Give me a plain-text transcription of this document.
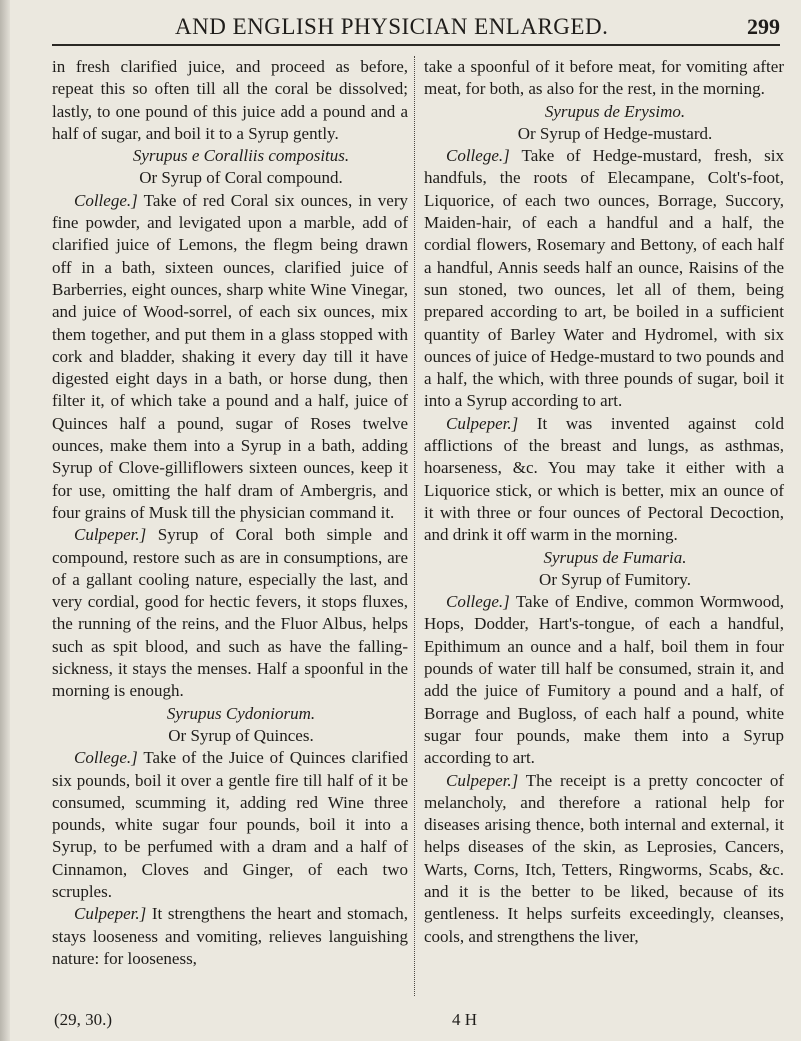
AND ENGLISH PHYSICIAN ENLARGED.	299

in fresh clarified juice, and proceed as before, repeat this so often till all the coral be dissolved; lastly, to one pound of this juice add a pound and a half of sugar, and boil it to a Syrup gently.

Syrupus e Coralliis compositus.

Or Syrup of Coral compound.

College.] Take of red Coral six ounces, in very fine powder, and levigated upon a marble, add of clarified juice of Lemons, the flegm being drawn off in a bath, sixteen ounces, clarified juice of Barberries, eight ounces, sharp white Wine Vinegar, and juice of Wood-sorrel, of each six ounces, mix them together, and put them in a glass stopped with cork and bladder, shaking it every day till it have digested eight days in a bath, or horse dung, then filter it, of which take a pound and a half, juice of Quinces half a pound, sugar of Roses twelve ounces, make them into a Syrup in a bath, adding Syrup of Clove-gilliflowers sixteen ounces, keep it for use, omitting the half dram of Ambergris, and four grains of Musk till the physician command it.

Culpeper.] Syrup of Coral both simple and compound, restore such as are in consumptions, are of a gallant cooling nature, especially the last, and very cordial, good for hectic fevers, it stops fluxes, the running of the reins, and the Fluor Albus, helps such as spit blood, and such as have the falling-sickness, it stays the menses. Half a spoonful in the morning is enough.

Syrupus Cydoniorum.

Or Syrup of Quinces.

College.] Take of the Juice of Quinces clarified six pounds, boil it over a gentle fire till half of it be consumed, scumming it, adding red Wine three pounds, white sugar four pounds, boil it into a Syrup, to be perfumed with a dram and a half of Cinnamon, Cloves and Ginger, of each two scruples.

Culpeper.] It strengthens the heart and stomach, stays looseness and vomiting, relieves languishing nature: for looseness,

take a spoonful of it before meat, for vomiting after meat, for both, as also for the rest, in the morning.

Syrupus de Erysimo.

Or Syrup of Hedge-mustard.

College.] Take of Hedge-mustard, fresh, six handfuls, the roots of Elecampane, Colt's-foot, Liquorice, of each two ounces, Borrage, Succory, Maiden-hair, of each a handful and a half, the cordial flowers, Rosemary and Bettony, of each half a handful, Annis seeds half an ounce, Raisins of the sun stoned, two ounces, let all of them, being prepared according to art, be boiled in a sufficient quantity of Barley Water and Hydromel, with six ounces of juice of Hedge-mustard to two pounds and a half, the which, with three pounds of sugar, boil it into a Syrup according to art.

Culpeper.] It was invented against cold afflictions of the breast and lungs, as asthmas, hoarseness, &c. You may take it either with a Liquorice stick, or which is better, mix an ounce of it with three or four ounces of Pectoral Decoction, and drink it off warm in the morning.

Syrupus de Fumaria.

Or Syrup of Fumitory.

College.] Take of Endive, common Wormwood, Hops, Dodder, Hart's-tongue, of each a handful, Epithimum an ounce and a half, boil them in four pounds of water till half be consumed, strain it, and add the juice of Fumitory a pound and a half, of Borrage and Bugloss, of each half a pound, white sugar four pounds, make them into a Syrup according to art.

Culpeper.] The receipt is a pretty concocter of melancholy, and therefore a rational help for diseases arising thence, both internal and external, it helps diseases of the skin, as Leprosies, Cancers, Warts, Corns, Itch, Tetters, Ringworms, Scabs, &c. and it is the better to be liked, because of its gentleness. It helps surfeits exceedingly, cleanses, cools, and strengthens the liver,

(29, 30.)	4 H
